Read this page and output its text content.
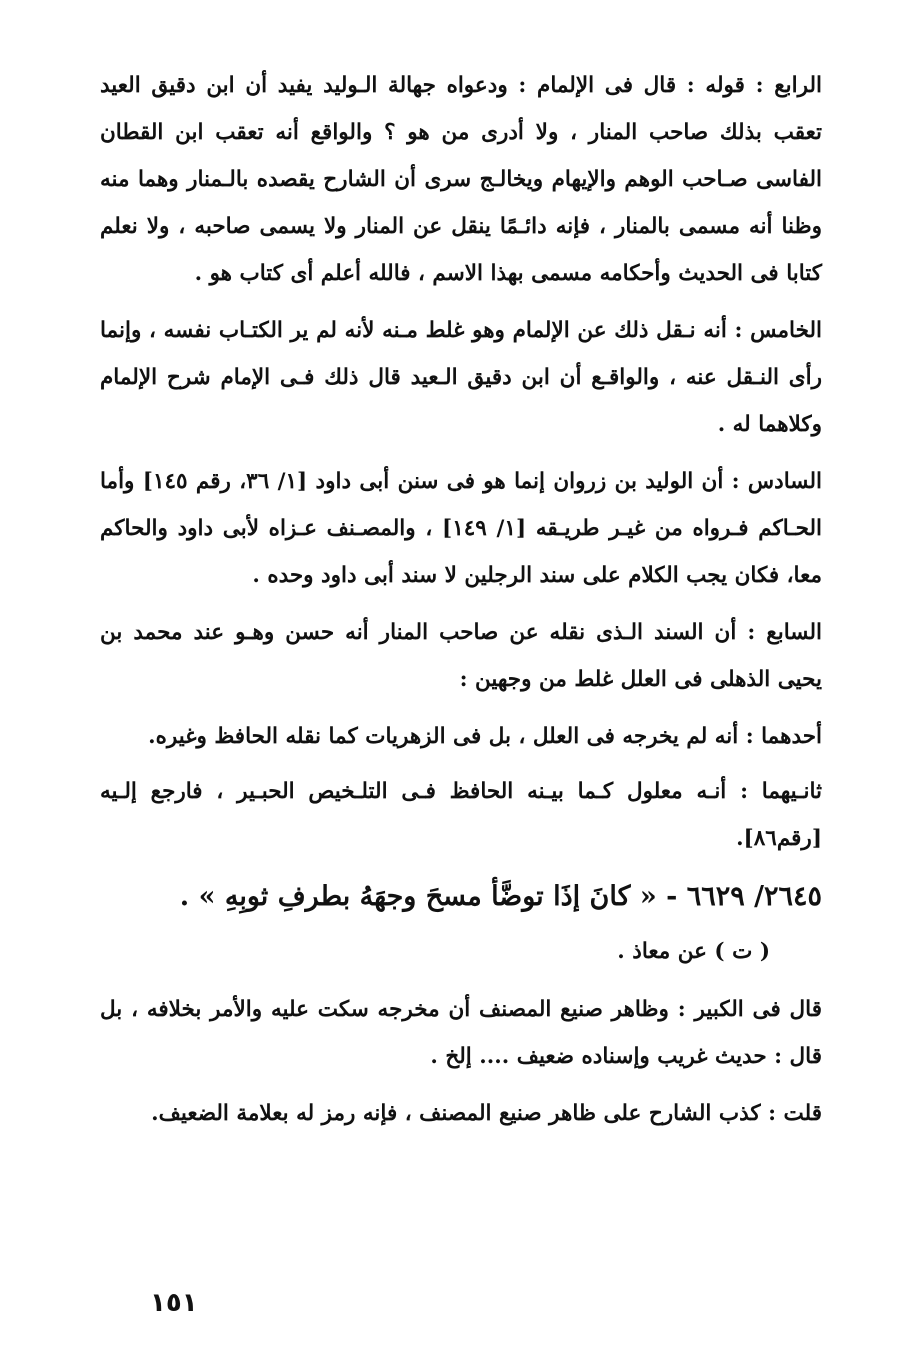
الرابع : قوله : قال فى الإلمام : ودعواه جهالة الـوليد يفيد أن ابن دقيق العيد تعقب بذلك صاحب المنار ، ولا أدرى من هو ؟ والواقع أنه تعقب ابن القطان الفاسى صـاحب الوهم والإيهام ويخالـج سرى أن الشارح يقصده بالـمنار وهما منه وظنا أنه مسمى بالمنار ، فإنه دائـمًا ينقل عن المنار ولا يسمى صاحبه ، ولا نعلم كتابا فى الحديث وأحكامه مسمى بهذا الاسم ، فالله أعلم أى كتاب هو .

الخامس : أنه نـقل ذلك عن الإلمام وهو غلط مـنه لأنه لم ير الكتـاب نفسه ، وإنما رأى النـقل عنه ، والواقـع أن ابن دقيق الـعيد قال ذلك فـى الإمام شرح الإلمام وكلاهما له .

السادس : أن الوليد بن زروان إنما هو فى سنن أبى داود [١/ ٣٦، رقم ١٤٥] وأما الحـاكم فـرواه من غيـر طريـقه [١/ ١٤٩] ، والمصـنف عـزاه لأبى داود والحاكم معا، فكان يجب الكلام على سند الرجلين لا سند أبى داود وحده .

السابع : أن السند الـذى نقله عن صاحب المنار أنه حسن وهـو عند محمد بن يحيى الذهلى فى العلل غلط من وجهين :

أحدهما : أنه لم يخرجه فى العلل ، بل فى الزهريات كما نقله الحافظ وغيره.

ثانـيهما : أنـه معلول كـما بيـنه الحافظ فـى التلـخيص الحبـير ، فارجع إلـيه [رقم٨٦].

٢٦٤٥/ ٦٦٢٩ - « كانَ إذَا توضَّأ مسحَ وجهَهُ بطرفِ ثوبِهِ » .

( ت ) عن معاذ .

قال فى الكبير : وظاهر صنيع المصنف أن مخرجه سكت عليه والأمر بخلافه ، بل قال : حديث غريب وإسناده ضعيف .... إلخ .

قلت : كذب الشارح على ظاهر صنيع المصنف ، فإنه رمز له بعلامة الضعيف.

١٥١
